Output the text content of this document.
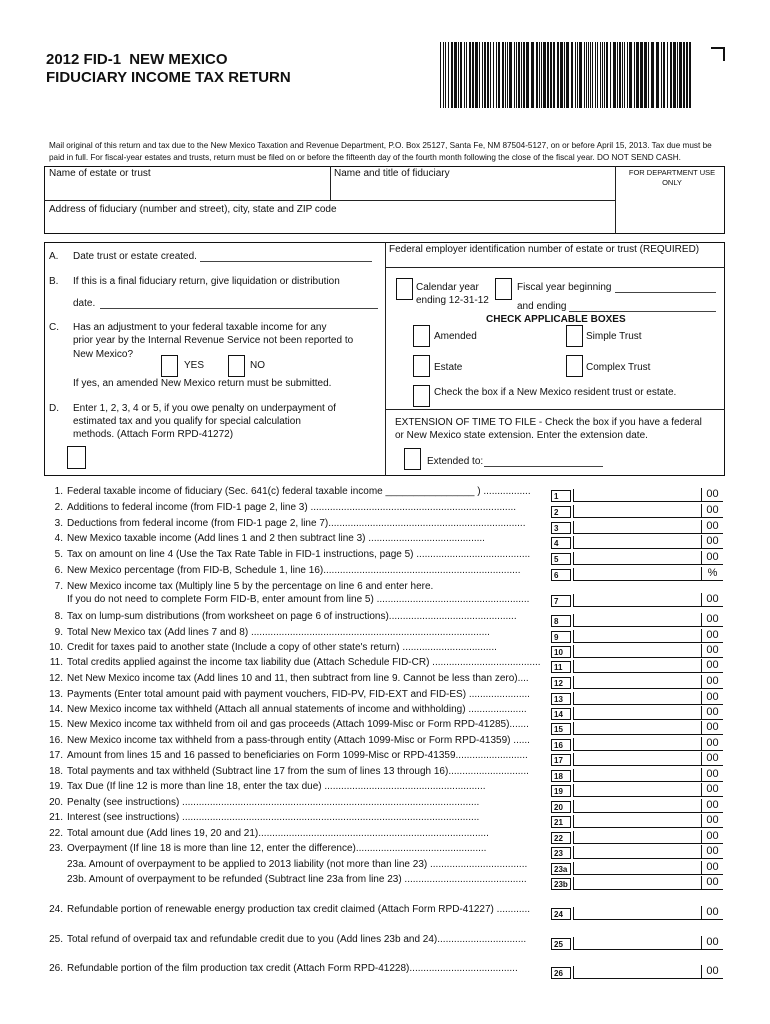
2012 FID-1 NEW MEXICO
FIDUCIARY INCOME TAX RETURN
Mail original of this return and tax due to the New Mexico Taxation and Revenue Department, P.O. Box 25127, Santa Fe, NM 87504-5127, on or before April 15, 2013. Tax due must be
paid in full. For fiscal-year estates and trusts, return must be filed on or before the fifteenth day of the fourth month following the close of the fiscal year. DO NOT SEND CASH.
Name of estate or trust	Name and title of fiduciary	FOR DEPARTMENT USE ONLY
Address of fiduciary (number and street), city, state and ZIP code
A. Date trust or estate created.
B. If this is a final fiduciary return, give liquidation or distribution
date.
C. Has an adjustment to your federal taxable income for any
prior year by the Internal Revenue Service not been reported to
New Mexico?
YES	NO
If yes, an amended New Mexico return must be submitted.
D. Enter 1, 2, 3, 4 or 5, if you owe penalty on underpayment of
estimated tax and you qualify for special calculation
methods. (Attach Form RPD-41272)
Federal employer identification number of estate or trust (REQUIRED)
Calendar year
ending 12-31-12
Fiscal year beginning
and ending
CHECK APPLICABLE BOXES
Amended	Simple Trust
Estate	Complex Trust
Check the box if a New Mexico resident trust or estate.
EXTENSION OF TIME TO FILE - Check the box if you have a federal
or New Mexico state extension. Enter the extension date.
Extended to:
1. Federal taxable income of fiduciary (Sec. 641(c) federal taxable income ________________ ) .................	1	00
2. Additions to federal income (from FID-1 page 2, line 3) ..........................................................................	2	00
3. Deductions from federal income (from FID-1 page 2, line 7).......................................................................	3	00
4. New Mexico taxable income (Add lines 1 and 2 then subtract line 3) ..........................................	4	00
5. Tax on amount on line 4 (Use the Tax Rate Table in FID-1 instructions, page 5) .........................................	5	00
6. New Mexico percentage (from FID-B, Schedule 1, line 16).......................................................................	6	%
7. New Mexico income tax (Multiply line 5 by the percentage on line 6 and enter here.
If you do not need to complete Form FID-B, enter amount from line 5) .......................................................	7	00
8. Tax on lump-sum distributions (from worksheet on page 6 of instructions)..............................................	8	00
9. Total New Mexico tax (Add lines 7 and 8) ......................................................................................	9	00
10. Credit for taxes paid to another state (Include a copy of other state's return) ..................................	10	00
11. Total credits applied against the income tax liability due (Attach Schedule FID-CR) .......................................	11	00
12. Net New Mexico income tax (Add lines 10 and 11, then subtract from line 9. Cannot be less than zero)....	12	00
13. Payments (Enter total amount paid with payment vouchers, FID-PV, FID-EXT and FID-ES) ......................	13	00
14. New Mexico income tax withheld (Attach all annual statements of income and withholding) .....................	14	00
15. New Mexico income tax withheld from oil and gas proceeds (Attach 1099-Misc or Form RPD-41285).......	15	00
16. New Mexico income tax withheld from a pass-through entity (Attach 1099-Misc or Form RPD-41359) ......	16	00
17. Amount from lines 15 and 16 passed to beneficiaries on Form 1099-Misc or RPD-41359..........................	17	00
18. Total payments and tax withheld (Subtract line 17 from the sum of lines 13 through 16).............................	18	00
19. Tax Due (If line 12 is more than line 18, enter the tax due) ..........................................................	19	00
20. Penalty (see instructions) ...........................................................................................................	20	00
21. Interest (see instructions) ...........................................................................................................	21	00
22. Total amount due (Add lines 19, 20 and 21)...................................................................................	22	00
23. Overpayment (If line 18 is more than line 12, enter the difference)...............................................	23	00
23a. Amount of overpayment to be applied to 2013 liability (not more than line 23) ...................................	23a	00
23b. Amount of overpayment to be refunded (Subtract line 23a from line 23) ............................................	23b	00
24. Refundable portion of renewable energy production tax credit claimed (Attach Form RPD-41227) ............	24	00
25. Total refund of overpaid tax and refundable credit due to you (Add lines 23b and 24)................................	25	00
26. Refundable portion of the film production tax credit (Attach Form RPD-41228).......................................	26	00
